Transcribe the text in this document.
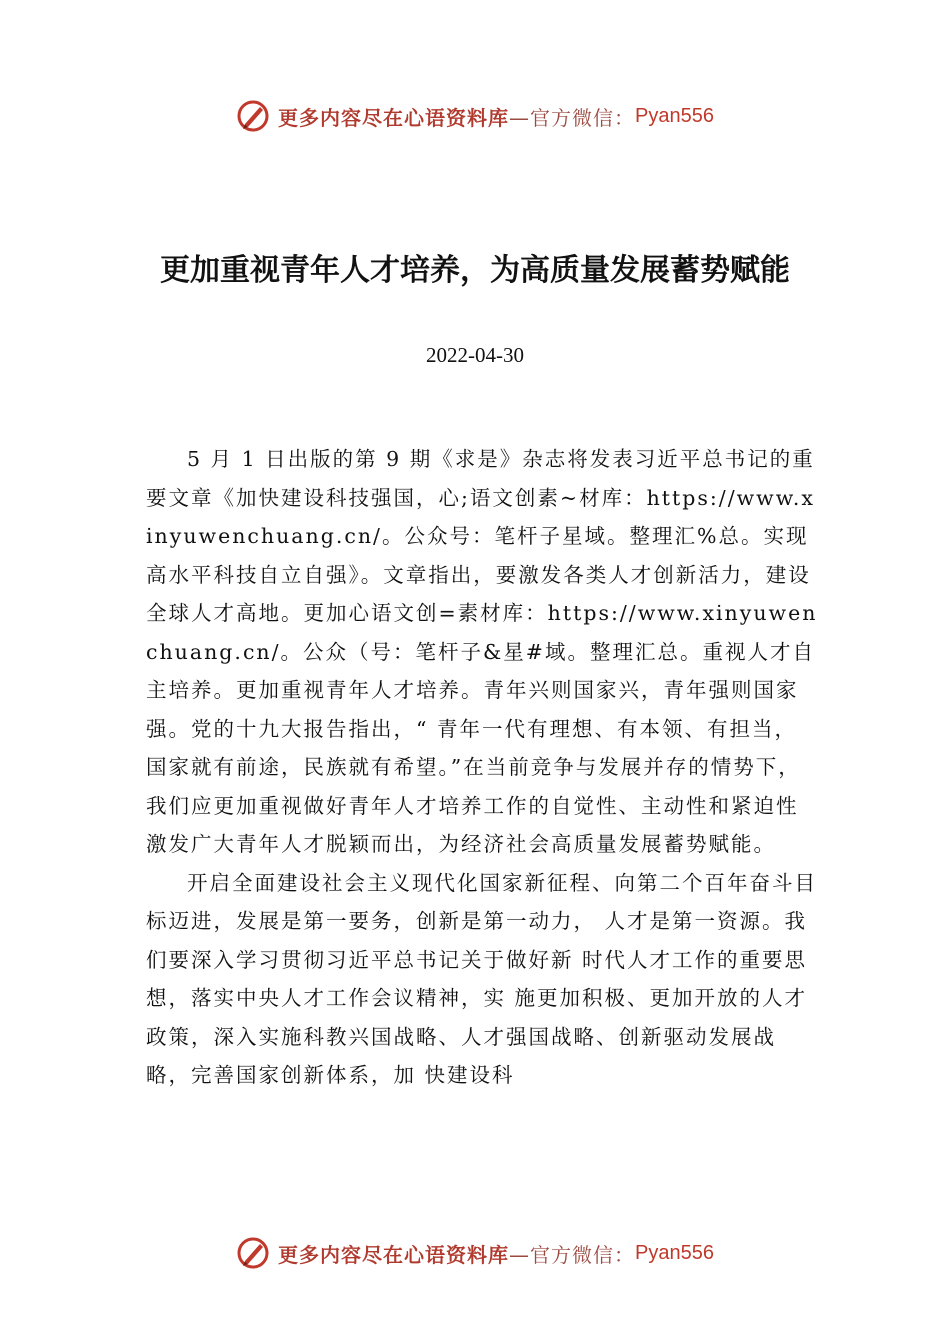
更多内容尽在心语资料库 —官方微信： Pyan556
更加重视青年人才培养，为高质量发展蓄势赋能
2022-04-30

5 月 1 日出版的第 9 期《求是》杂志将发表习近平总书记的重要文章《加快建设科技强国，心;语文创素~材库：https://www.xinyuwenchuang.cn/。公众号：笔杆子星域。整理汇%总。实现高水平科技自立自强》。文章指出，要激发各类人才创新活力，建设全球人才高地。更加心语文创=素材库：https://www.xinyuwenchuang.cn/。公众（号：笔杆子&星#域。整理汇总。重视人才自主培养。更加重视青年人才培养。青年兴则国家兴，青年强则国家强。党的十九大报告指出，“ 青年一代有理想、有本领、有担当，国家就有前途，民族就有希望。”在当前竞争与发展并存的情势下，我们应更加重视做好青年人才培养工作的自觉性、主动性和紧迫性激发广大青年人才脱颖而出，为经济社会高质量发展蓄势赋能。

开启全面建设社会主义现代化国家新征程、向第二个百年奋斗目标迈进，发展是第一要务，创新是第一动力， 人才是第一资源。我们要深入学习贯彻习近平总书记关于做好新 时代人才工作的重要思想，落实中央人才工作会议精神，实 施更加积极、更加开放的人才政策，深入实施科教兴国战略、人才强国战略、创新驱动发展战略，完善国家创新体系，加 快建设科

更多内容尽在心语资料库 —官方微信： Pyan556
